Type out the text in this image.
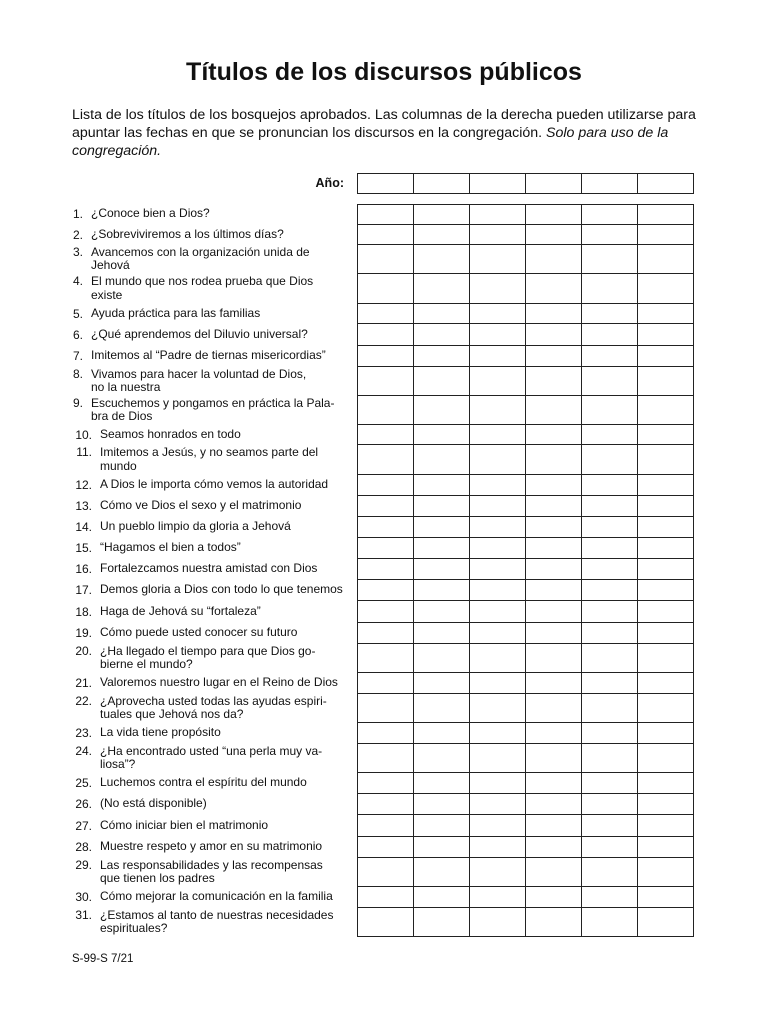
Títulos de los discursos públicos

Lista de los títulos de los bosquejos aprobados. Las columnas de la derecha pueden utilizarse para apuntar las fechas en que se pronuncian los discursos en la congregación. Solo para uso de la congregación.

Año:
1. ¿Conoce bien a Dios?
2. ¿Sobreviviremos a los últimos días?
3. Avancemos con la organización unida de
Jehová
4. El mundo que nos rodea prueba que Dios
existe
5. Ayuda práctica para las familias
6. ¿Qué aprendemos del Diluvio universal?
7. Imitemos al “Padre de tiernas misericordias”
8. Vivamos para hacer la voluntad de Dios,
no la nuestra
9. Escuchemos y pongamos en práctica la Pala-
bra de Dios
10. Seamos honrados en todo
11. Imitemos a Jesús, y no seamos parte del
mundo
12. A Dios le importa cómo vemos la autoridad
13. Cómo ve Dios el sexo y el matrimonio
14. Un pueblo limpio da gloria a Jehová
15. “Hagamos el bien a todos”
16. Fortalezcamos nuestra amistad con Dios
17. Demos gloria a Dios con todo lo que tenemos
18. Haga de Jehová su “fortaleza”
19. Cómo puede usted conocer su futuro
20. ¿Ha llegado el tiempo para que Dios go-
bierne el mundo?
21. Valoremos nuestro lugar en el Reino de Dios
22. ¿Aprovecha usted todas las ayudas espiri-
tuales que Jehová nos da?
23. La vida tiene propósito
24. ¿Ha encontrado usted “una perla muy va-
liosa”?
25. Luchemos contra el espíritu del mundo
26. (No está disponible)
27. Cómo iniciar bien el matrimonio
28. Muestre respeto y amor en su matrimonio
29. Las responsabilidades y las recompensas
que tienen los padres
30. Cómo mejorar la comunicación en la familia
31. ¿Estamos al tanto de nuestras necesidades
espirituales?
S-99-S 7/21
